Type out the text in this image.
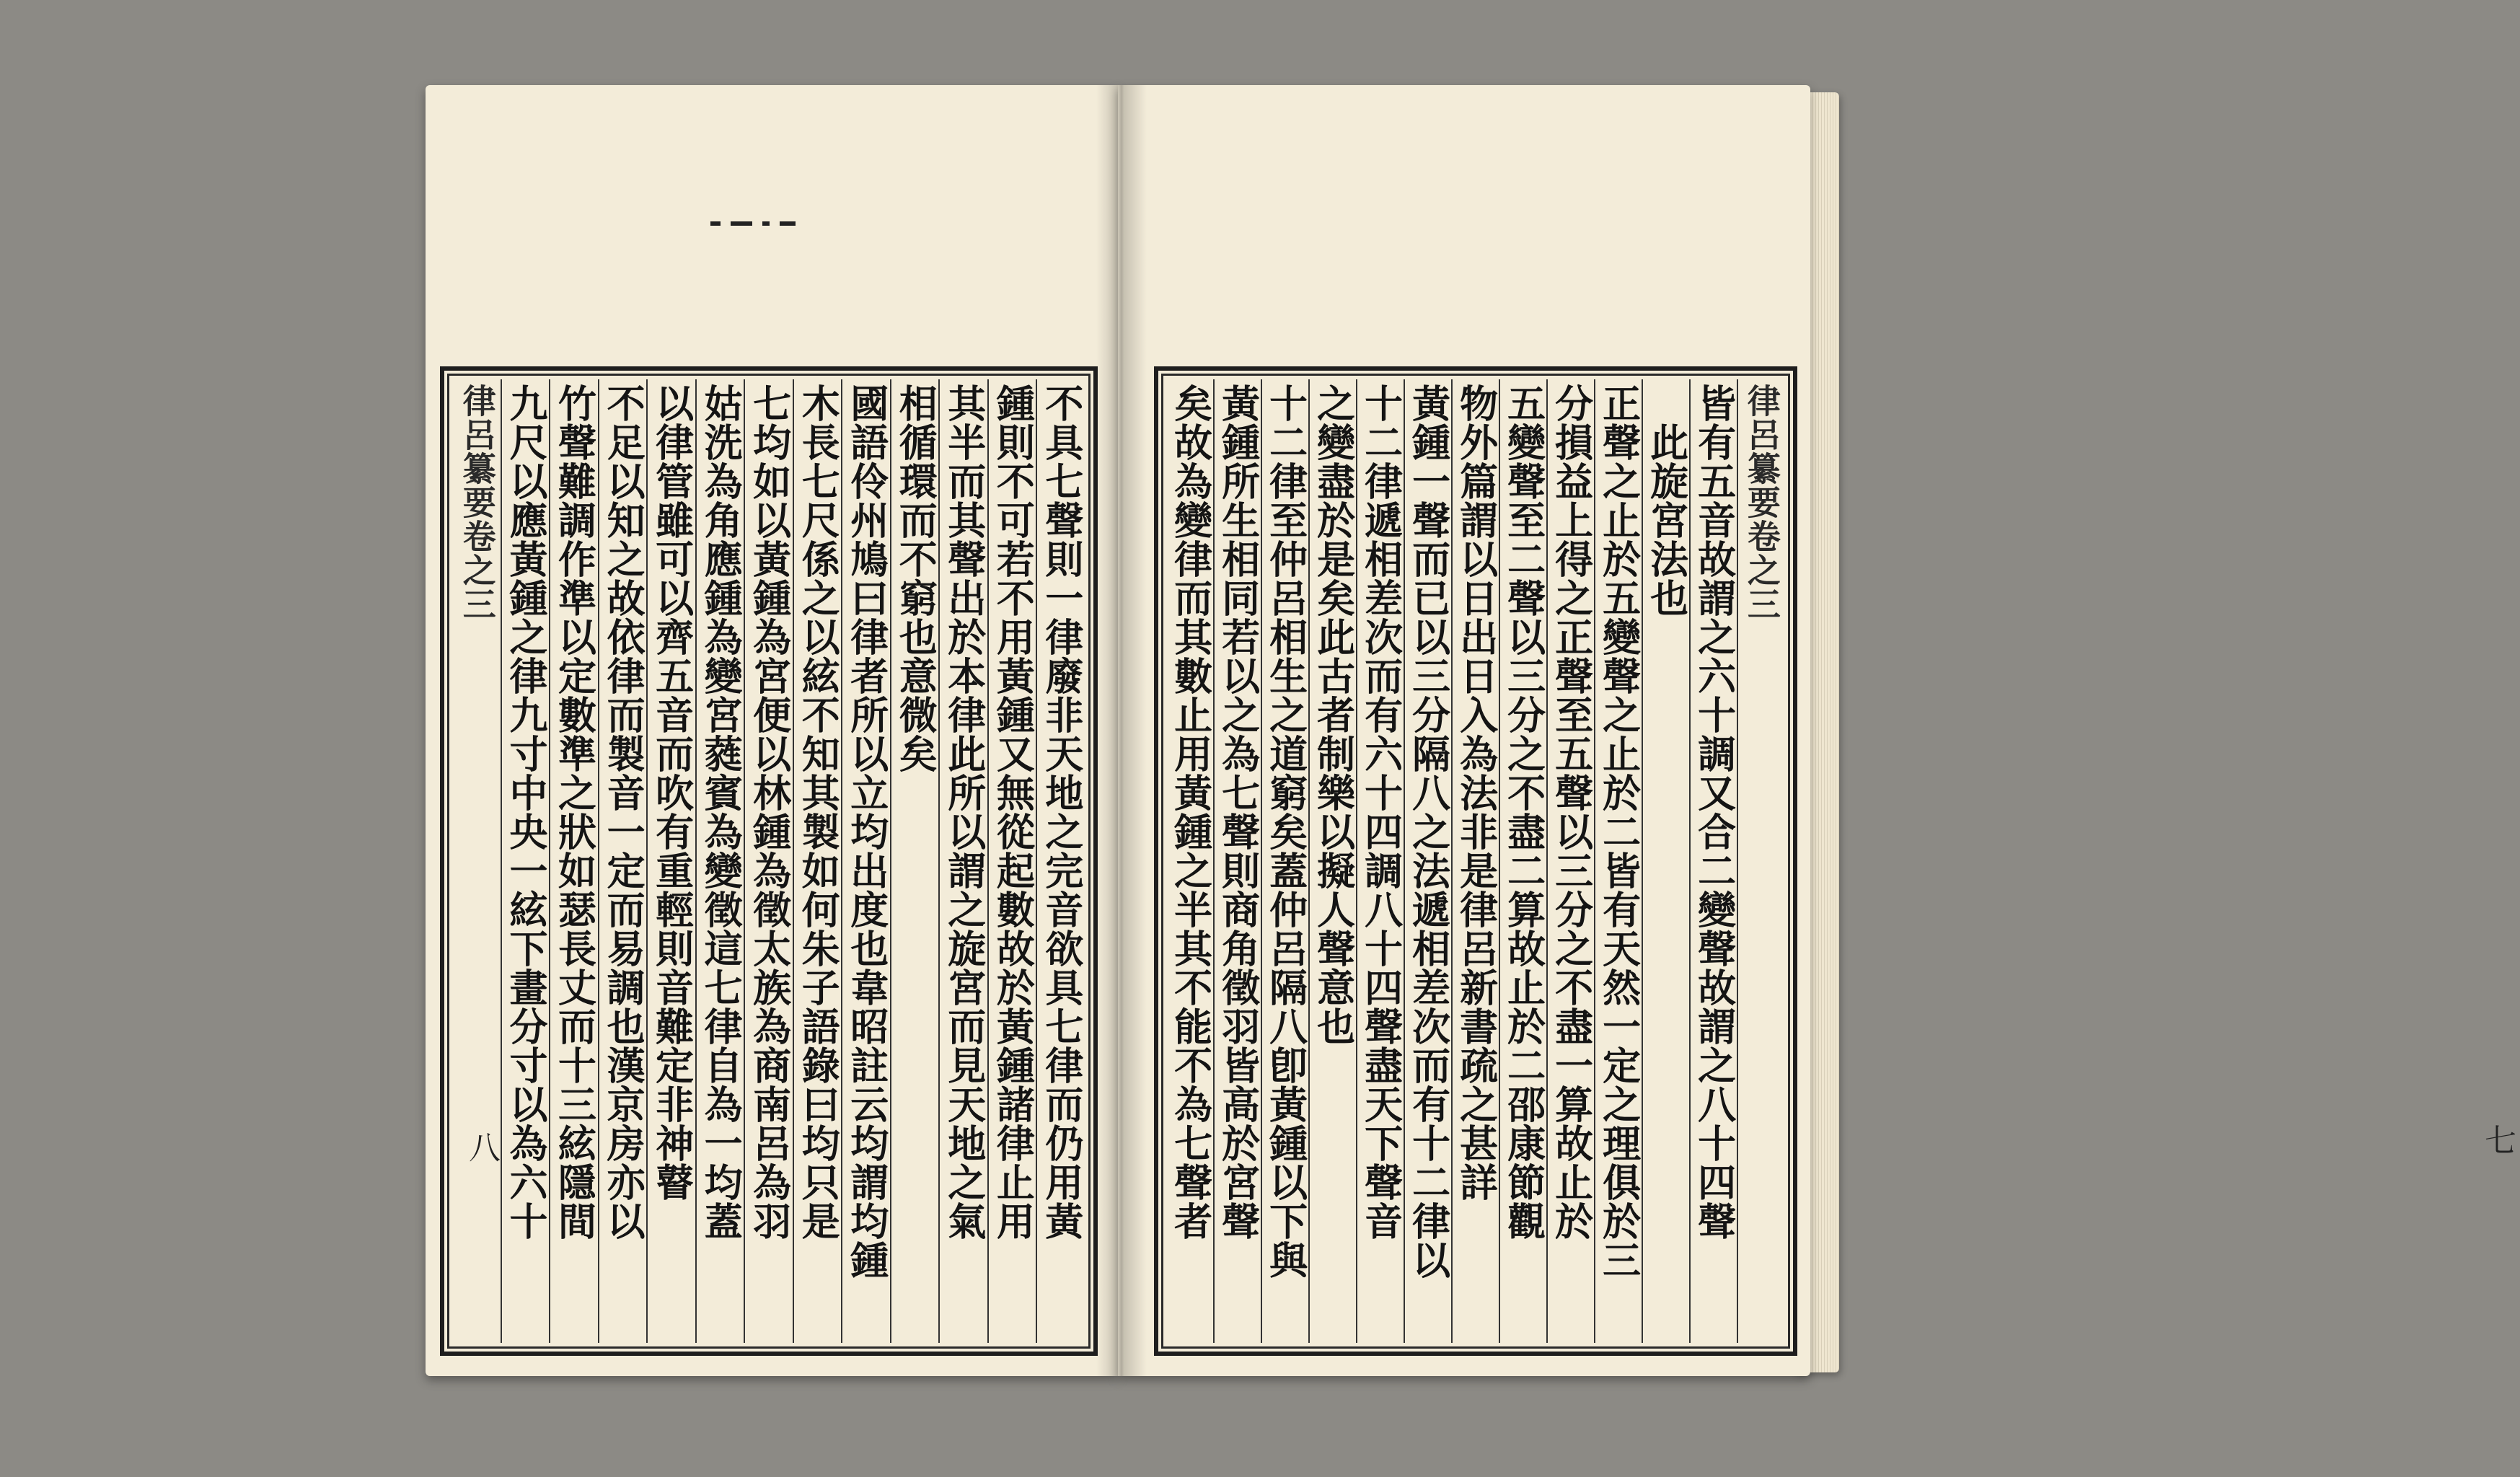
不具七聲則一律廢非天地之完音欲具七律而仍用黃
鍾則不可若不用黃鍾又無從起數故於黃鍾諸律止用
其半而其聲出於本律此所以謂之旋宮而見天地之氣
相循環而不窮也意微矣
國語伶州鳩曰律者所以立均出度也韋昭註云均謂均鍾
木長七尺係之以絃不知其製如何朱子語錄曰均只是
七均如以黃鍾為宮便以林鍾為徵太族為商南呂為羽
姑洗為角應鍾為變宮蕤賓為變徵這七律自為一均蓋
以律管雖可以齊五音而吹有重輕則音難定非神瞽
不足以知之故依律而製音一定而易調也漢京房亦以
竹聲難調作準以定數準之狀如瑟長丈而十三絃隱間
九尺以應黃鍾之律九寸中央一絃下畫分寸以為六十
律呂纂要卷之三
八
律呂纂要卷之三
皆有五音故謂之六十調又合二變聲故謂之八十四聲
此旋宮法也
正聲之止於五變聲之止於二皆有天然一定之理俱於三
分損益上得之正聲至五聲以三分之不盡一算故止於
五變聲至二聲以三分之不盡二算故止於二邵康節觀
物外篇謂以日出日入為法非是律呂新書疏之甚詳
黃鍾一聲而已以三分隔八之法遞相差次而有十二律以
十二律遞相差次而有六十四調八十四聲盡天下聲音
之變盡於是矣此古者制樂以擬人聲意也
十二律至仲呂相生之道窮矣蓋仲呂隔八卽黃鍾以下與
黃鍾所生相同若以之為七聲則商角徵羽皆高於宮聲
矣故為變律而其數止用黃鍾之半其不能不為七聲者	七
